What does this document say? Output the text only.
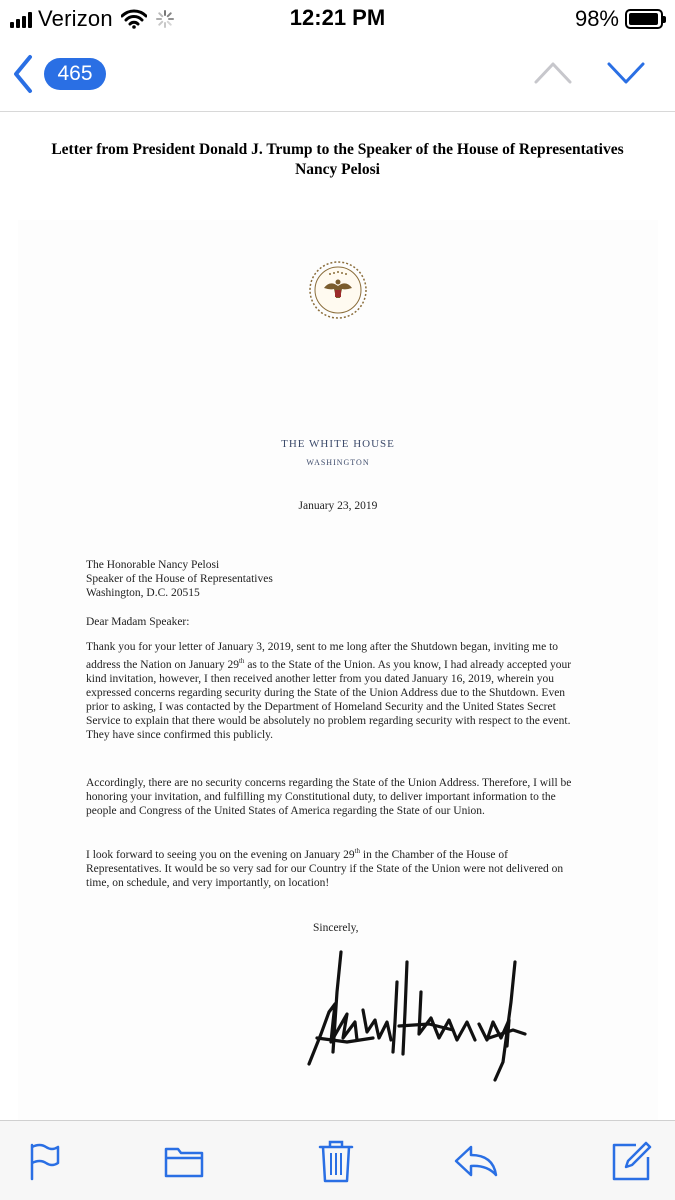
Verizon	12:21 PM	98%
465
Letter from President Donald J. Trump to the Speaker of the House of Representatives
Nancy Pelosi
THE WHITE HOUSE
WASHINGTON
January 23, 2019
The Honorable Nancy Pelosi
Speaker of the House of Representatives
Washington, D.C. 20515
Dear Madam Speaker:
Thank you for your letter of January 3, 2019, sent to me long after the Shutdown began, inviting me to address the Nation on January 29th as to the State of the Union. As you know, I had already accepted your kind invitation, however, I then received another letter from you dated January 16, 2019, wherein you expressed concerns regarding security during the State of the Union Address due to the Shutdown. Even prior to asking, I was contacted by the Department of Homeland Security and the United States Secret Service to explain that there would be absolutely no problem regarding security with respect to the event. They have since confirmed this publicly.
Accordingly, there are no security concerns regarding the State of the Union Address. Therefore, I will be honoring your invitation, and fulfilling my Constitutional duty, to deliver important information to the people and Congress of the United States of America regarding the State of our Union.
I look forward to seeing you on the evening on January 29th in the Chamber of the House of Representatives. It would be so very sad for our Country if the State of the Union were not delivered on time, on schedule, and very importantly, on location!
Sincerely,
